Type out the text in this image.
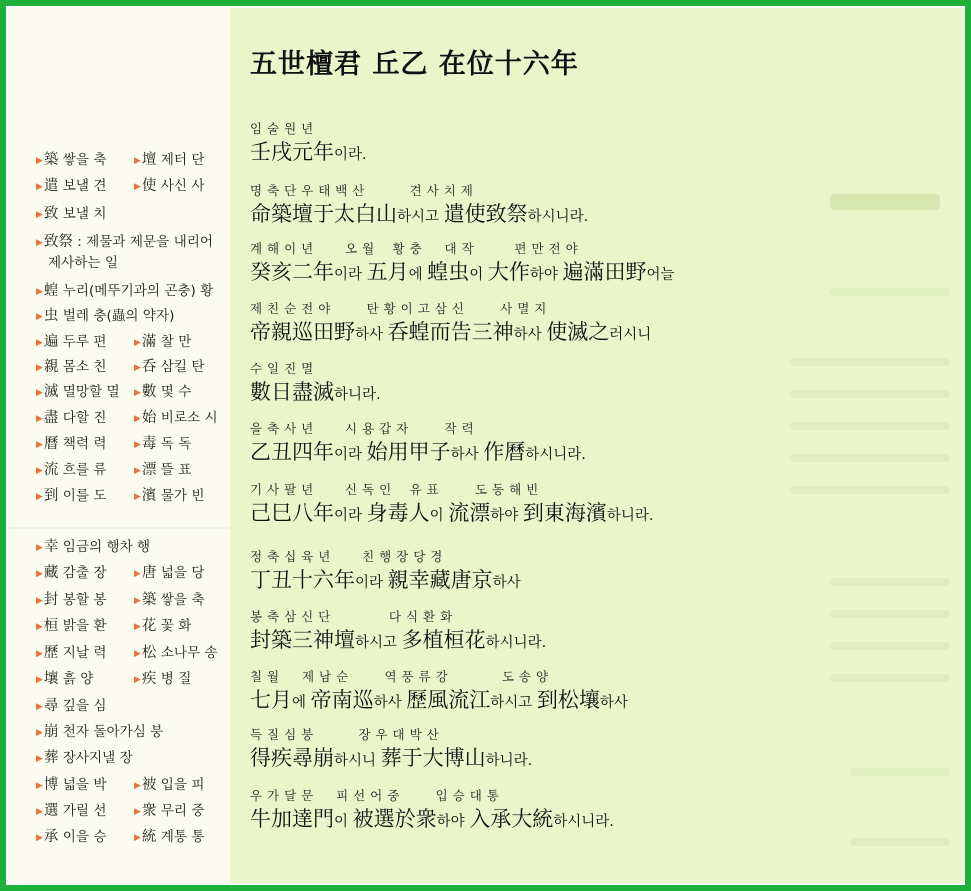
五世檀君 丘乙 在位十六年
임 술 원 년
壬戌元年이라.
명 축 단 우 태 백 산          견 사 치 제
命築壇于太白山하시고 遣使致祭하시니라.
계 해 이 년       오 월    황 충     대 작         편 만 전 야
癸亥二年이라 五月에 蝗虫이 大作하야 遍滿田野어늘
제 친 순 전 야        탄 황 이 고 삼 신        사 멸 지
帝親巡田野하사 呑蝗而告三神하사 使滅之러시니
수 일 진 멸
數日盡滅하니라.
을 축 사 년       시 용 갑 자        작 력
乙丑四年이라 始用甲子하사 作曆하시니라.
기 사 팔 년       신 독 인    유 표        도 동 해 빈
己巳八年이라 身毒人이 流漂하야 到東海濱하니라.
정 축 십 육 년       친 행 장 당 경
丁丑十六年이라 親幸藏唐京하사
봉 축 삼 신 단             다 식 환 화
封築三神壇하시고 多植桓花하시니라.
칠 월     제 남 순        역 풍 류 강            도 송 양
七月에 帝南巡하사 歷風流江하시고 到松壤하사
득 질 심 붕          장 우 대 박 산
得疾尋崩하시니 葬于大博山하니라.
우 가 달 문     피 선 어 중        입 승 대 통
牛加達門이 被選於衆하야 入承大統하시니라.
▶築 쌓을 축	▶壇 제터 단
▶遣 보낼 견	▶使 사신 사
▶致 보낼 치
▶致祭 : 제물과 제문을 내리어
제사하는 일
▶蝗 누리(메뚜기과의 곤충) 황
▶虫 벌레 충(蟲의 약자)
▶遍 두루 편	▶滿 찰 만
▶親 몸소 친	▶呑 삼킬 탄
▶滅 멸망할 멸 ▶數 몇 수
▶盡 다할 진	▶始 비로소 시
▶曆 책력 력	▶毒 독 독
▶流 흐를 류	▶漂 뜰 표
▶到 이를 도	▶濱 물가 빈
▶幸 임금의 행차 행
▶藏 감출 장	▶唐 넓을 당
▶封 봉할 봉	▶築 쌓을 축
▶桓 밝을 환	▶花 꽃 화
▶歷 지날 력	▶松 소나무 송
▶壤 흙 양	▶疾 병 질
▶尋 깊을 심
▶崩 천자 돌아가심 붕
▶葬 장사지낼 장
▶博 넓을 박	▶被 입을 피
▶選 가릴 선	▶衆 무리 중
▶承 이을 승	▶統 계통 통
